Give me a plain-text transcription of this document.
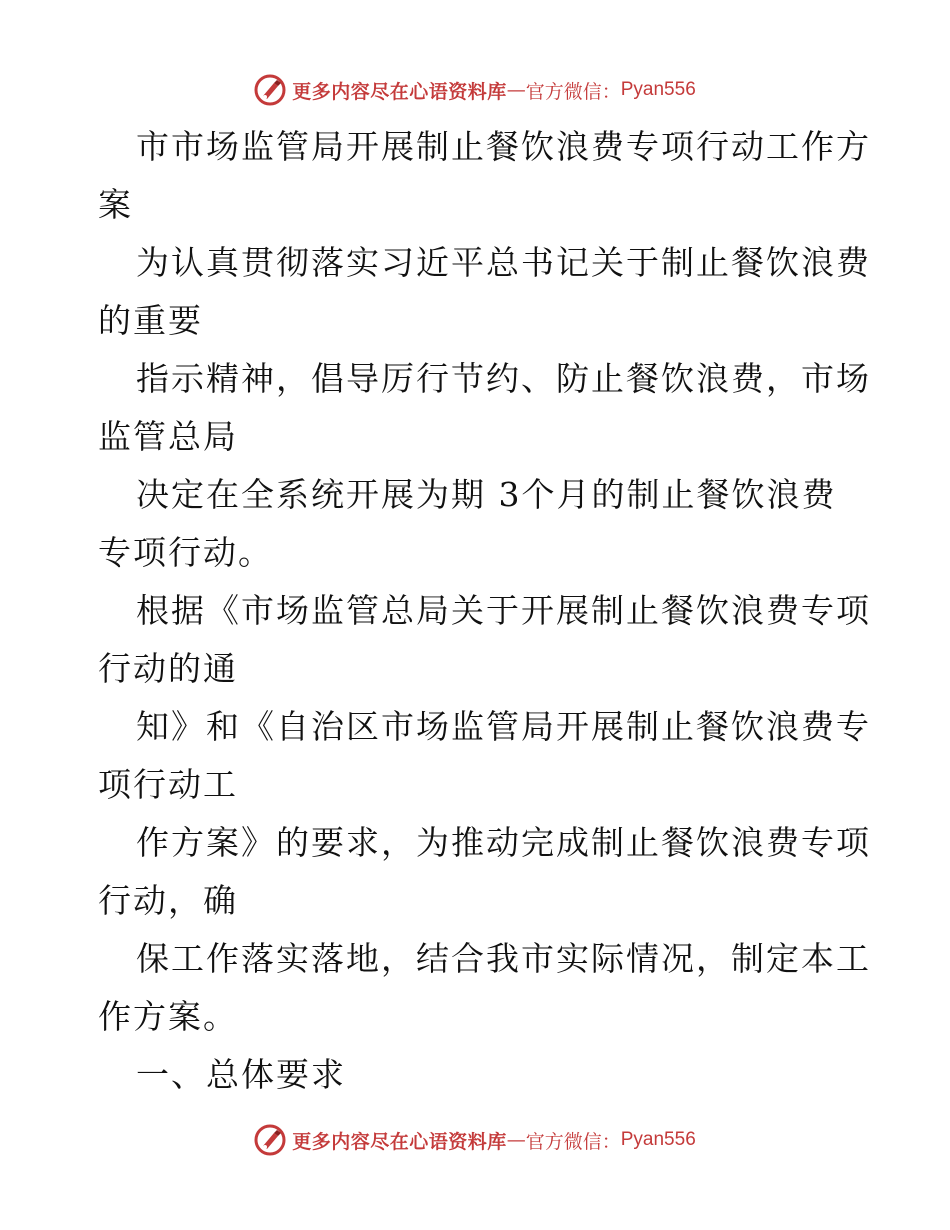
更多内容尽在心语资料库 — 官方微信： Pyan556
市市场监管局开展制止餐饮浪费专项行动工作方
案
为认真贯彻落实习近平总书记关于制止餐饮浪费
的重要
指示精神，倡导厉行节约、防止餐饮浪费，市场
监管总局
决定在全系统开展为期 3个月的制止餐饮浪费
专项行动。
根据《市场监管总局关于开展制止餐饮浪费专项
行动的通
知》和《自治区市场监管局开展制止餐饮浪费专
项行动工
作方案》的要求，为推动完成制止餐饮浪费专项
行动，确
保工作落实落地，结合我市实际情况，制定本工
作方案。
一、总体要求
更多内容尽在心语资料库 — 官方微信： Pyan556
